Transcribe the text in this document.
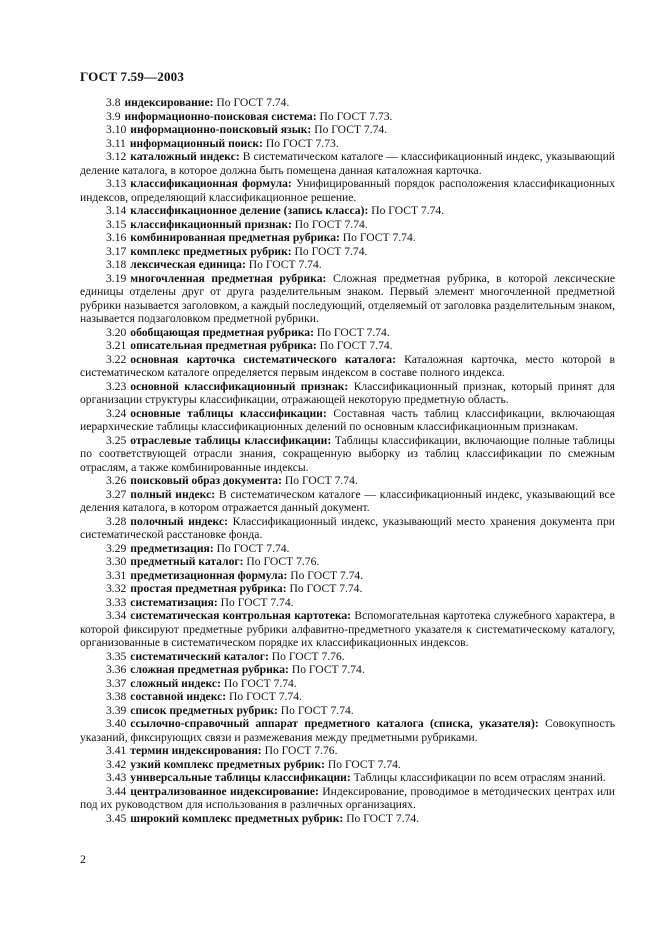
ГОСТ 7.59—2003

3.8 индексирование: По ГОСТ 7.74.

3.9 информационно-поисковая система: По ГОСТ 7.73.

3.10 информационно-поисковый язык: По ГОСТ 7.74.

3.11 информационный поиск: По ГОСТ 7.73.

3.12 каталожный индекс: В систематическом каталоге — классификационный индекс, указывающий деление каталога, в которое должна быть помещена данная каталожная карточка.

3.13 классификационная формула: Унифицированный порядок расположения классификационных индексов, определяющий классификационное решение.

3.14 классификационное деление (запись класса): По ГОСТ 7.74.

3.15 классификационный признак: По ГОСТ 7.74.

3.16 комбинированная предметная рубрика: По ГОСТ 7.74.

3.17 комплекс предметных рубрик: По ГОСТ 7.74.

3.18 лексическая единица: По ГОСТ 7.74.

3.19 многочленная предметная рубрика: Сложная предметная рубрика, в которой лексические единицы отделены друг от друга разделительным знаком. Первый элемент многочленной предметной рубрики называется заголовком, а каждый последующий, отделяемый от заголовка разделительным знаком, называется подзаголовком предметной рубрики.

3.20 обобщающая предметная рубрика: По ГОСТ 7.74.

3.21 описательная предметная рубрика: По ГОСТ 7.74.

3.22 основная карточка систематического каталога: Каталожная карточка, место которой в систематическом каталоге определяется первым индексом в составе полного индекса.

3.23 основной классификационный признак: Классификационный признак, который принят для организации структуры классификации, отражающей некоторую предметную область.

3.24 основные таблицы классификации: Составная часть таблиц классификации, включающая иерархические таблицы классификационных делений по основным классификационным признакам.

3.25 отраслевые таблицы классификации: Таблицы классификации, включающие полные таблицы по соответствующей отрасли знания, сокращенную выборку из таблиц классификации по смежным отраслям, а также комбинированные индексы.

3.26 поисковый образ документа: По ГОСТ 7.74.

3.27 полный индекс: В систематическом каталоге — классификационный индекс, указывающий все деления каталога, в котором отражается данный документ.

3.28 полочный индекс: Классификационный индекс, указывающий место хранения документа при систематической расстановке фонда.

3.29 предметизация: По ГОСТ 7.74.

3.30 предметный каталог: По ГОСТ 7.76.

3.31 предметизационная формула: По ГОСТ 7.74.

3.32 простая предметная рубрика: По ГОСТ 7.74.

3.33 систематизация: По ГОСТ 7.74.

3.34 систематическая контрольная картотека: Вспомогательная картотека служебного характера, в которой фиксируют предметные рубрики алфавитно-предметного указателя к систематическому каталогу, организованные в систематическом порядке их классификационных индексов.

3.35 систематический каталог: По ГОСТ 7.76.

3.36 сложная предметная рубрика: По ГОСТ 7.74.

3.37 сложный индекс: По ГОСТ 7.74.

3.38 составной индекс: По ГОСТ 7.74.

3.39 список предметных рубрик: По ГОСТ 7.74.

3.40 ссылочно-справочный аппарат предметного каталога (списка, указателя): Совокупность указаний, фиксирующих связи и размежевания между предметными рубриками.

3.41 термин индексирования: По ГОСТ 7.76.

3.42 узкий комплекс предметных рубрик: По ГОСТ 7.74.

3.43 универсальные таблицы классификации: Таблицы классификации по всем отраслям знаний.

3.44 централизованное индексирование: Индексирование, проводимое в методических центрах или под их руководством для использования в различных организациях.

3.45 широкий комплекс предметных рубрик: По ГОСТ 7.74.

2
